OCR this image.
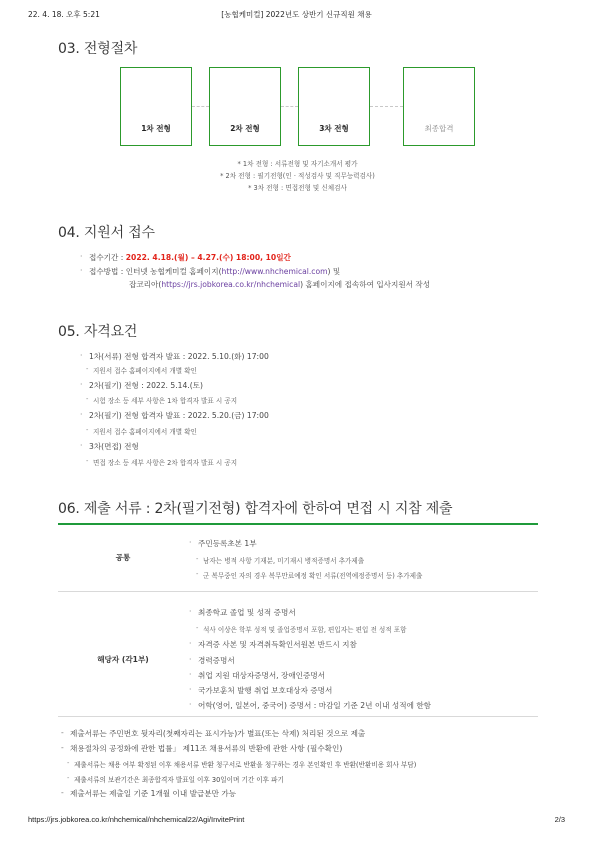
22. 4. 18. 오후 5:21	[농협케미컬] 2022년도 상반기 신규직원 채용
03. 전형절차
1차 전형	2차 전형	3차 전형	최종합격
* 1차 전형 : 서류전형 및 자기소개서 평가
* 2차 전형 : 필기전형(인 · 적성검사 및 직무능력검사)
* 3차 전형 : 면접전형 및 신체검사
04. 지원서 접수
· 접수기간 : 2022. 4.18.(월) – 4.27.(수) 18:00, 10일간
· 접수방법 : 인터넷 농협케미컬 홈페이지(http://www.nhchemical.com) 및
잡코리아(https://jrs.jobkorea.co.kr/nhchemical) 홈페이지에 접속하여 입사지원서 작성
05. 자격요건
· 1차(서류) 전형 합격자 발표 : 2022. 5.10.(화) 17:00
- 지원서 접수 홈페이지에서 개별 확인
· 2차(필기) 전형 : 2022. 5.14.(토)
- 시험 장소 등 세부 사항은 1차 합격자 발표 시 공지
· 2차(필기) 전형 합격자 발표 : 2022. 5.20.(금) 17:00
- 지원서 접수 홈페이지에서 개별 확인
· 3차(면접) 전형
- 면접 장소 등 세부 사항은 2차 합격자 발표 시 공지
06. 제출 서류 : 2차(필기전형) 합격자에 한하여 면접 시 지참 제출
공통
· 주민등록초본 1부
- 남자는 병적 사항 기재분, 미기재시 병적증명서 추가제출
- 군 복무중인 자의 경우 복무만료예정 확인 서류(전역예정증명서 등) 추가제출
해당자 (각1부)
· 최종학교 졸업 및 성적 증명서
- 석사 이상은 학부 성적 및 졸업증명서 포함, 편입자는 편입 전 성적 포함
· 자격증 사본 및 자격취득확인서원본 반드시 지참
· 경력증명서
· 취업 지원 대상자증명서, 장애인증명서
· 국가보훈처 발행 취업 보호대상자 증명서
· 어학(영어, 일본어, 중국어) 증명서 : 마감일 기준 2년 이내 성적에 한함
- 제출서류는 주민번호 뒷자리(첫째자리는 표시가능)가 별표(또는 삭제) 처리된 것으로 제출
- 채용절차의 공정화에 관한 법률」 제11조 채용서류의 반환에 관한 사항 (필수확인)
- 제출서류는 채용 여부 확정된 이후 채용서류 반환 청구서로 반환을 청구하는 경우 본인확인 후 반환(반환비용 회사 부담)
- 제출서류의 보관기간은 최종합격자 발표일 이후 30일이며 기간 이후 파기
- 제출서류는 제출일 기준 1개월 이내 발급분만 가능
https://jrs.jobkorea.co.kr/nhchemical/nhchemical22/Agi/InvitePrint	2/3
